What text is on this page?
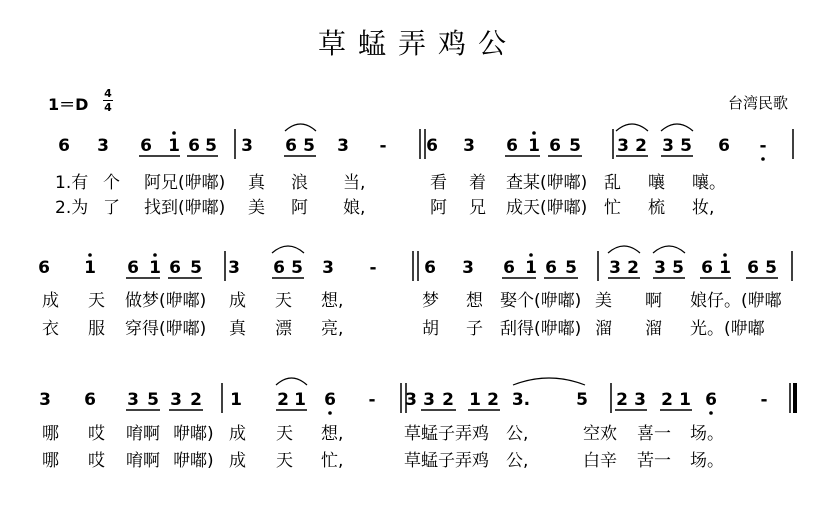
草蜢弄鸡公
1＝D
4
4	台湾民歌
6 3 6 1 6 5 3 6 5 3 - 6 3 6 1 6 5 3 2 3 5 6 -
1.有 个 阿兄(咿嘟) 真 浪 当,	看 着 查某(咿嘟) 乱 嚷 嚷。
2.为 了 找到(咿嘟) 美 阿 娘,	阿 兄 成天(咿嘟) 忙 梳 妆,
6 1 6 1 6 5 3 6 5 3 -	6 3 6 1 6 5 3 2 3 5 6 1 6 5
成 天 做梦(咿嘟) 成 天 想,	梦 想 娶个(咿嘟) 美 啊 娘仔。(咿嘟
衣 服 穿得(咿嘟) 真 漂 亮,	胡 子 刮得(咿嘟) 溜 溜 光。(咿嘟
3 6 3 5 3 2 1 2 1 6 - 3 3 2 1 2 3.	5 2 3 2 1 6	-
哪 哎 唷啊 咿嘟) 成 天 想,	草蜢子弄鸡 公,	空欢 喜一 场。
哪 哎 唷啊 咿嘟) 成 天 忙,	草蜢子弄鸡 公,	白辛 苦一 场。
